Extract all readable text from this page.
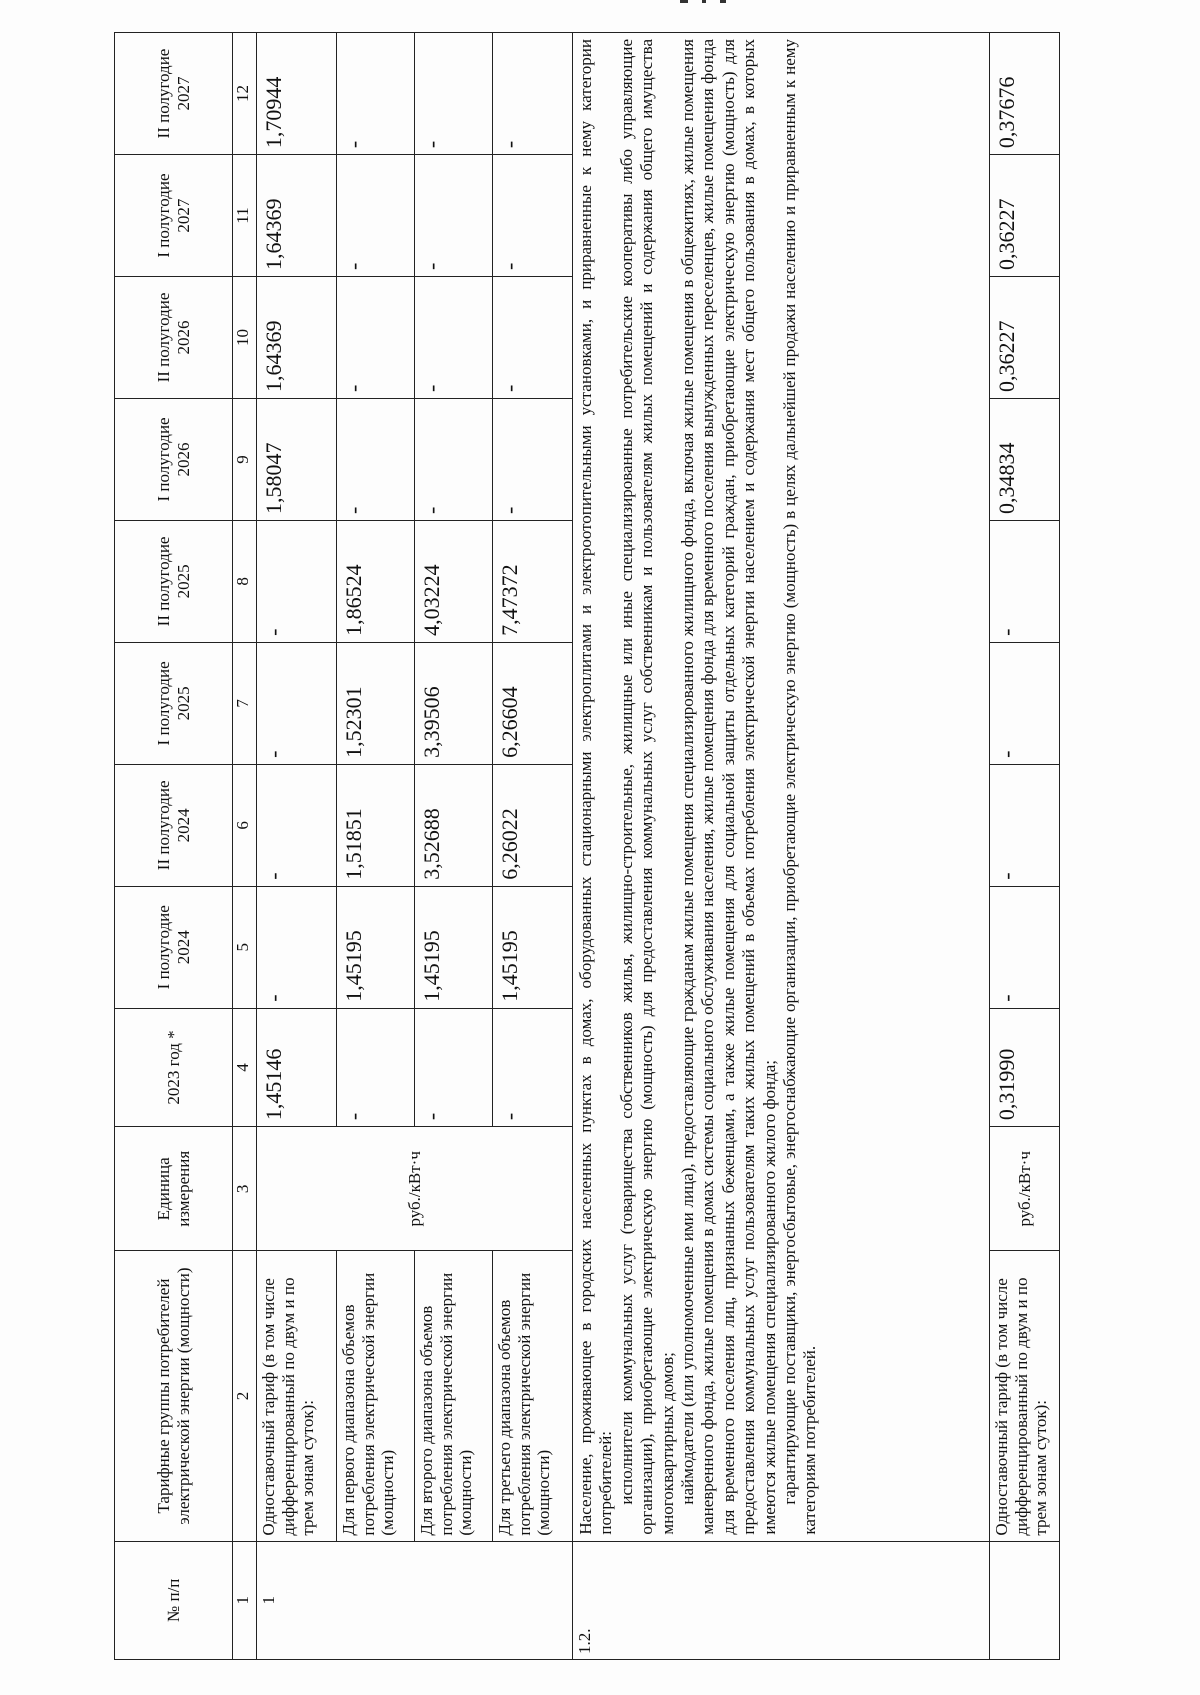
№ п/п	Тарифные группы потребителей электрической энергии (мощности)	Единица измерения	2023 год *	I полугодие 2024	II полугодие 2024	I полугодие 2025	II полугодие 2025	I полугодие 2026	II полугодие 2026	I полугодие 2027	II полугодие 2027
1	2	3	4	5	6	7	8	9	10	11	12
1	Одноставочный тариф (в том числе дифференцированный по двум и по трем зонам суток):	руб./кВт·ч	1,45146	-	-	-	-	1,58047	1,64369	1,64369	1,70944
	Для первого диапазона объемов потребления электрической энергии (мощности)		-	1,45195	1,51851	1,52301	1,86524	-	-	-	-
	Для второго диапазона объемов потребления электрической энергии (мощности)		-	1,45195	3,52688	3,39506	4,03224	-	-	-	-
	Для третьего диапазона объемов потребления электрической энергии (мощности)		-	1,45195	6,26022	6,26604	7,47372	-	-	-	-
1.2.	Население, проживающее в городских населенных пунктах в домах, оборудованных стационарными электроплитами и электроотопительными установками, и приравненные к нему категории потребителей: исполнители коммунальных услуг (товарищества собственников жилья, жилищно-строительные, жилищные или иные специализированные потребительские кооперативы либо управляющие организации), приобретающие электрическую энергию (мощность) для предоставления коммунальных услуг собственникам и пользователям жилых помещений и содержания общего имущества многоквартирных домов; наймодатели (или уполномоченные ими лица), предоставляющие гражданам жилые помещения специализированного жилищного фонда, включая жилые помещения в общежитиях, жилые помещения маневренного фонда, жилые помещения в домах системы социального обслуживания населения, жилые помещения фонда для временного поселения вынужденных переселенцев, жилые помещения фонда для временного поселения лиц, признанных беженцами, а также жилые помещения для социальной защиты отдельных категорий граждан, приобретающие электрическую энергию (мощность) для предоставления коммунальных услуг пользователям таких жилых помещений в объемах потребления электрической энергии населением и содержания мест общего пользования в домах, в которых имеются жилые помещения специализированного жилого фонда; гарантирующие поставщики, энергосбытовые, энергоснабжающие организации, приобретающие электрическую энергию (мощность) в целях дальнейшей продажи населению и приравненным к нему категориям потребителей.										

	Одноставочный тариф (в том числе дифференцированный по двум и по трем зонам суток):	руб./кВт·ч	0,31990	-	-	-	-	0,34834	0,36227	0,36227	0,37676
